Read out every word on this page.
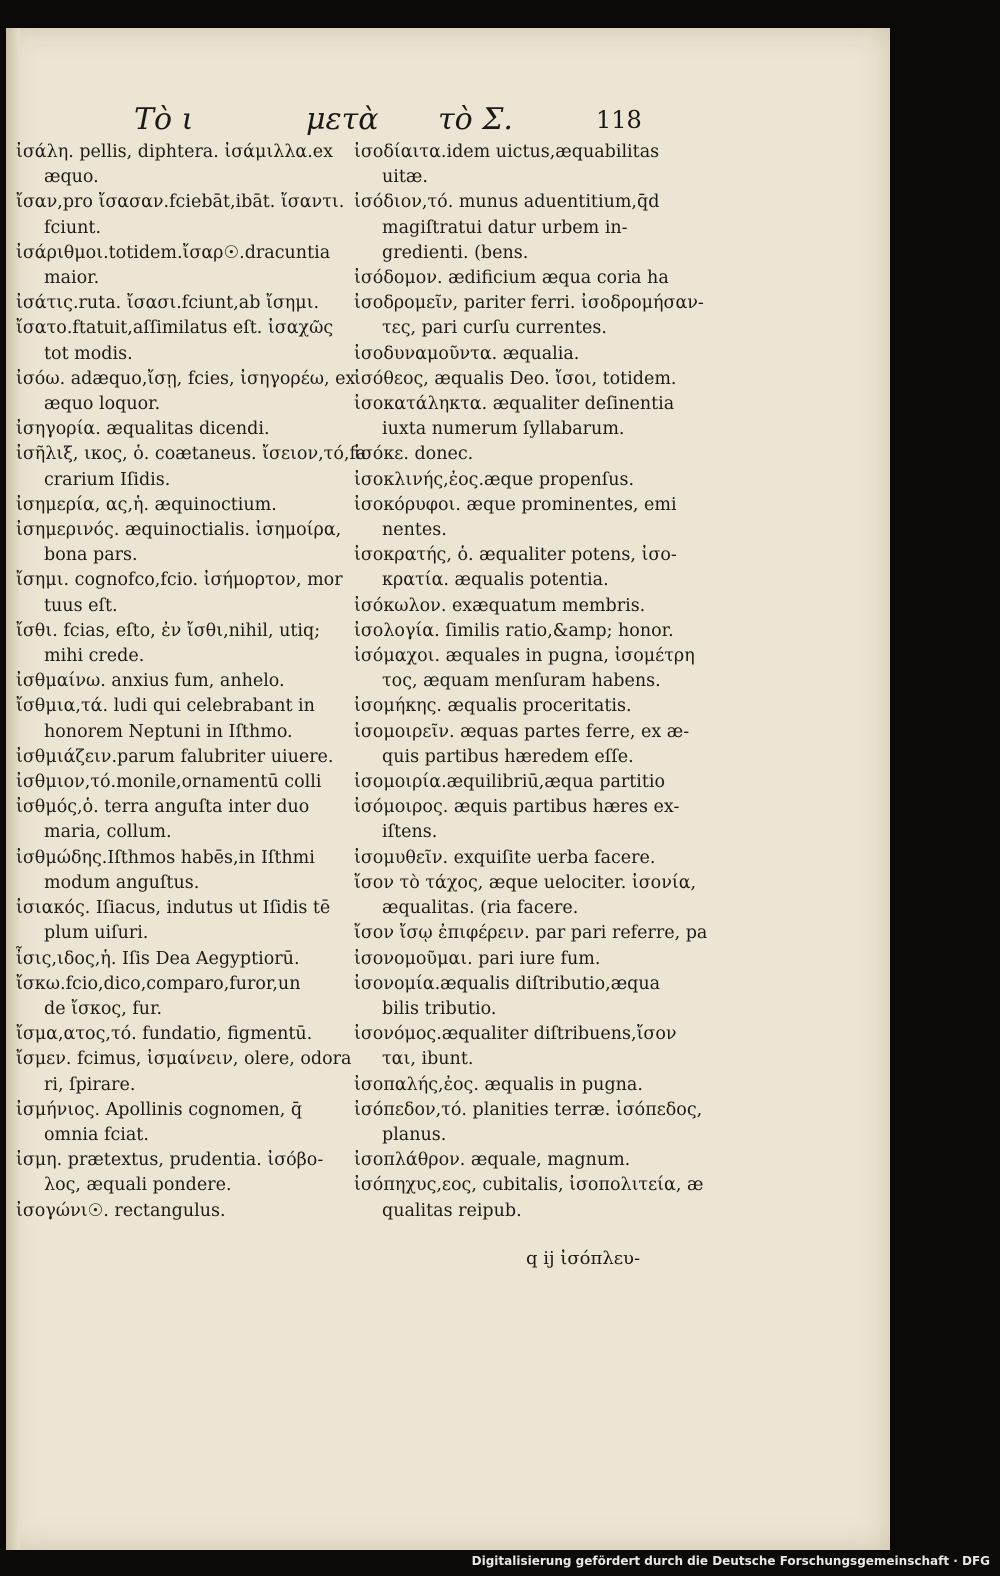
Τὸ ι	μετὰ τὸ Σ.	118
ἰσάλη. pellis, diphtera. ἰσάμιλλα.ex
æquo.
ἴσαν,pro ἴσασαν.fciebāt,ibāt. ἴσαντι.
fciunt.
ἰσάριθμοι.totidem.ἴσαρ☉.dracuntia
maior.
ἰσάτις.ruta. ἴσασι.fciunt,ab ἴσημι.
ἴσατο.ftatuit,aſſimilatus eſt. ἰσαχῶς
tot modis.
ἰσόω. adæquo,ἴσῃ, fcies, ἰσηγορέω, ex
æquo loquor.
ἰσηγορία. æqualitas dicendi.
ἰσῆλιξ, ικος, ὁ. coætaneus. ἴσειον,τό,fa
crarium Iſidis.
ἰσημερία, ας,ἡ. æquinoctium.
ἰσημερινός. æquinoctialis. ἰσημοίρα,
bona pars.
ἴσημι. cognofco,fcio. ἰσήμορτον, mor
tuus eſt.
ἴσθι. fcias, eſto, ἐν ἴσθι,nihil, utiq;
mihi crede.
ἰσθμαίνω. anxius fum, anhelo.
ἴσθμια,τά. ludi qui celebrabant in
honorem Neptuni in Iſthmo.
ἰσθμιάζειν.parum falubriter uiuere.
ἰσθμιον,τό.monile,ornamentū colli
ἰσθμός,ὁ. terra anguſta inter duo
maria, collum.
ἰσθμώδης.Iſthmos habēs,in Iſthmi
modum anguſtus.
ἰσιακός. Iſiacus, indutus ut Iſidis tē
plum uiſuri.
ἶσις,ιδος,ἡ. Iſis Dea Aegyptiorū.
ἴσκω.fcio,dico,comparo,furor,un
de ἴσκος, fur.
ἴσμα,ατος,τό. fundatio, figmentū.
ἴσμεν. fcimus, ἰσμαίνειν, olere, odora
ri, ſpirare.
ἰσμήνιος. Apollinis cognomen, q̄
omnia fciat.
ἰσμη. prætextus, prudentia. ἰσόβο-
λος, æquali pondere.
ἰσογώνι☉. rectangulus.
ἰσοδίαιτα.idem uictus,æquabilitas
uitæ.
ἰσόδιον,τό. munus aduentitium,q̄d
magiſtratui datur urbem in-
gredienti. (bens.
ἰσόδομον. ædificium æqua coria ha
ἰσοδρομεῖν, pariter ferri. ἰσοδρομήσαν-
τες, pari curſu currentes.
ἰσοδυναμοῦντα. æqualia.
ἰσόθεος, æqualis Deo. ἴσοι, totidem.
ἰσοκατάληκτα. æqualiter deſinentia
iuxta numerum ſyllabarum.
ἰσόκε. donec.
ἰσοκλινής,ἐος.æque propenſus.
ἰσοκόρυφοι. æque prominentes, emi
nentes.
ἰσοκρατής, ὁ. æqualiter potens, ἰσο-
κρατία. æqualis potentia.
ἰσόκωλον. exæquatum membris.
ἰσολογία. ſimilis ratio,&amp; honor.
ἰσόμαχοι. æquales in pugna, ἰσομέτρη
τος, æquam menſuram habens.
ἰσομήκης. æqualis proceritatis.
ἰσομοιρεῖν. æquas partes ferre, ex æ-
quis partibus hæredem eſſe.
ἰσομοιρία.æquilibriū,æqua partitio
ἰσόμοιρος. æquis partibus hæres ex-
iſtens.
ἰσομυθεῖν. exquiſite uerba facere.
ἴσον τὸ τάχος, æque uelociter. ἰσονία,
æqualitas. (ria facere.
ἴσον ἴσῳ ἐπιφέρειν. par pari referre, pa
ἰσονομοῦμαι. pari iure fum.
ἰσονομία.æqualis diſtributio,æqua
bilis tributio.
ἰσονόμος.æqualiter diſtribuens,ἴσον
ται, ibunt.
ἰσοπαλής,ἐος. æqualis in pugna.
ἰσόπεδον,τό. planities terræ. ἰσόπεδος,
planus.
ἰσοπλάθρον. æquale, magnum.
ἰσόπηχυς,εος, cubitalis, ἰσοπολιτεία, æ
qualitas reipub.
q ij ἰσόπλευ-
Digitalisierung gefördert durch die Deutsche Forschungsgemeinschaft · DFG
